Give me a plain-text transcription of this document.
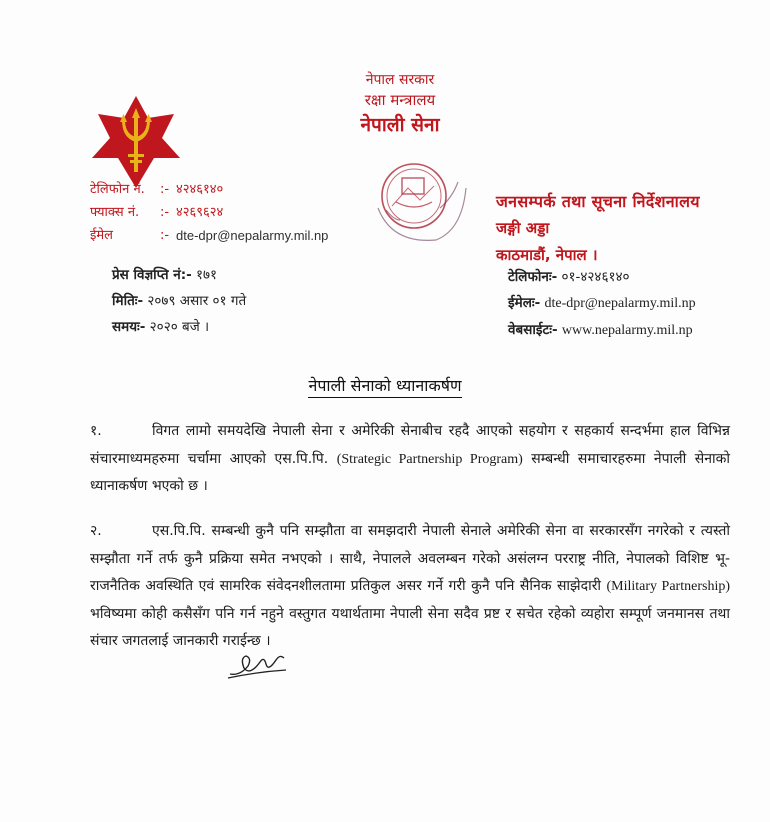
नेपाल सरकार
रक्षा मन्त्रालय
नेपाली सेना
टेलिफोन नं.	:- ४२४६१४०
फ्याक्स नं.	:- ४२६९६२४
ईमेल	:- dte-dpr@nepalarmy.mil.np
जनसम्पर्क तथा सूचना निर्देशनालय
जङ्गी अड्डा
काठमाडौं, नेपाल ।
प्रेस विज्ञप्ति नं:- १७१
मितिः- २०७९ असार ०१ गते
समयः- २०२० बजे ।
टेलिफोनः- ०१-४२४६१४०
ईमेलः- dte-dpr@nepalarmy.mil.np
वेबसाईटः- www.nepalarmy.mil.np
नेपाली सेनाको ध्यानाकर्षण
१.	विगत लामो समयदेखि नेपाली सेना र अमेरिकी सेनाबीच रहदै आएको सहयोग र सहकार्य सन्दर्भमा हाल विभिन्न संचारमाध्यमहरुमा चर्चामा आएको एस.पि.पि. (Strategic Partnership Program) सम्बन्धी समाचारहरुमा नेपाली सेनाको ध्यानाकर्षण भएको छ ।
२.	एस.पि.पि. सम्बन्धी कुनै पनि सम्झौता वा समझदारी नेपाली सेनाले अमेरिकी सेना वा सरकारसँग नगरेको र त्यस्तो सम्झौता गर्ने तर्फ कुनै प्रक्रिया समेत नभएको । साथै, नेपालले अवलम्बन गरेको असंलग्न परराष्ट्र नीति, नेपालको विशिष्ट भू-राजनैतिक अवस्थिति एवं सामरिक संवेदनशीलतामा प्रतिकुल असर गर्ने गरी कुनै पनि सैनिक साझेदारी (Military Partnership) भविष्यमा कोही कसैसँग पनि गर्न नहुने वस्तुगत यथार्थतामा नेपाली सेना सदैव प्रष्ट र सचेत रहेको व्यहोरा सम्पूर्ण जनमानस तथा संचार जगतलाई जानकारी गराईन्छ ।
